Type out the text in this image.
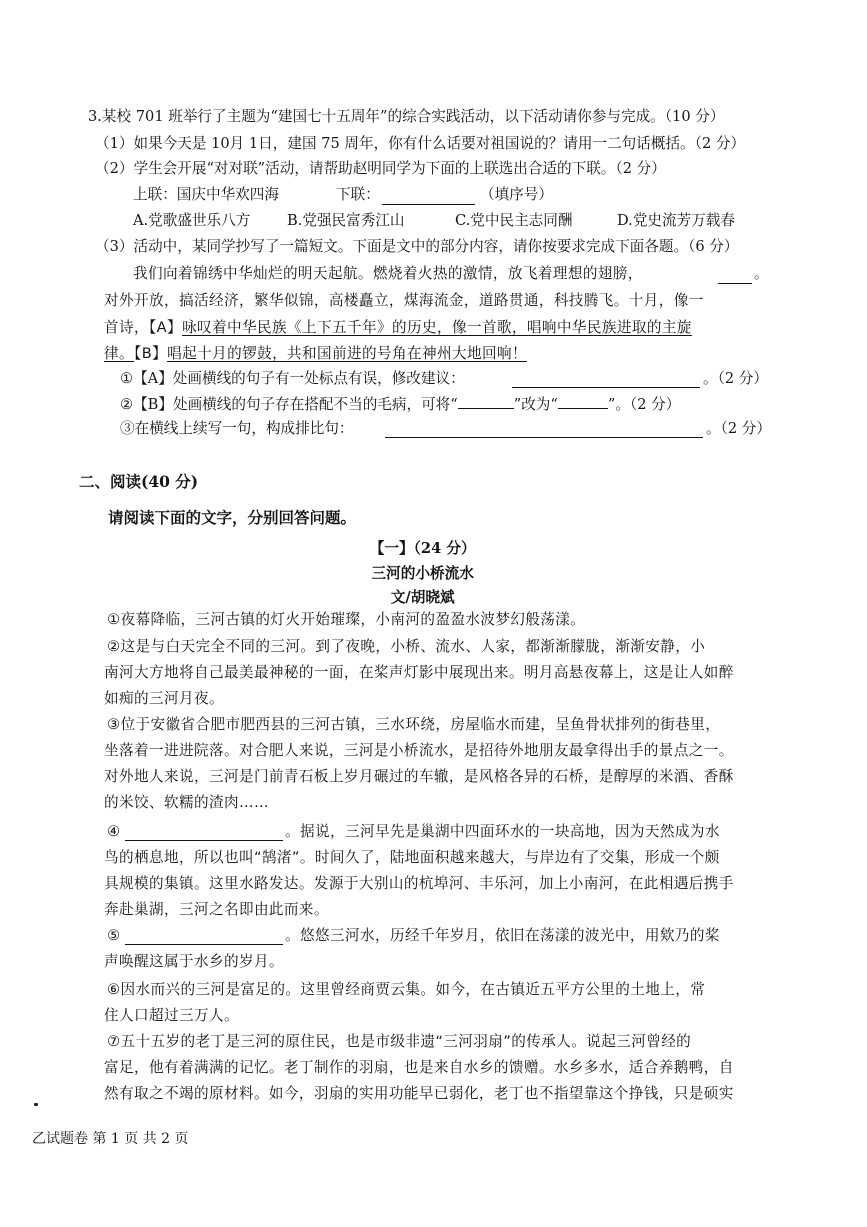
3.某校 701 班举行了主题为“建国七十五周年”的综合实践活动，以下活动请你参与完成。（10 分）
（1）如果今天是 10月 1日，建国 75 周年，你有什么话要对祖国说的？请用一二句话概括。（2 分）
（2）学生会开展“对对联”活动，请帮助赵明同学为下面的上联选出合适的下联。（2 分）
上联：国庆中华欢四海	下联：	（填序号）
A.党歌盛世乐八方	B.党强民富秀江山	C.党中民主志同酬	D.党史流芳万载春
（3）活动中，某同学抄写了一篇短文。下面是文中的部分内容，请你按要求完成下面各题。（6 分）
我们向着锦绣中华灿烂的明天起航。燃烧着火热的激情，放飞着理想的翅膀，	。
对外开放，搞活经济，繁华似锦，高楼矗立，煤海流金，道路贯通，科技腾飞。十月，像一
首诗，【A】咏叹着中华民族《上下五千年》的历史，像一首歌，唱响中华民族进取的主旋
律。【B】唱起十月的锣鼓，共和国前进的号角在神州大地回响！
①【A】处画横线的句子有一处标点有误，修改建议：	。（2 分）
②【B】处画横线的句子存在搭配不当的毛病，可将“	”改为“	”。（2 分）
③在横线上续写一句，构成排比句：	。（2 分）
二、阅读(40 分)
请阅读下面的文字，分别回答问题。
【一】（24 分）
三河的小桥流水
文/胡晓斌
①夜幕降临，三河古镇的灯火开始璀璨，小南河的盈盈水波梦幻般荡漾。
②这是与白天完全不同的三河。到了夜晚，小桥、流水、人家，都渐渐朦胧，渐渐安静，小
南河大方地将自己最美最神秘的一面，在桨声灯影中展现出来。明月高悬夜幕上，这是让人如醉
如痴的三河月夜。
③位于安徽省合肥市肥西县的三河古镇，三水环绕，房屋临水而建，呈鱼骨状排列的街巷里，
坐落着一进进院落。对合肥人来说，三河是小桥流水，是招待外地朋友最拿得出手的景点之一。
对外地人来说，三河是门前青石板上岁月碾过的车辙，是风格各异的石桥，是醇厚的米酒、香酥
的米饺、软糯的渣肉……
④	。据说，三河早先是巢湖中四面环水的一块高地，因为天然成为水
鸟的栖息地，所以也叫“鹄渚”。时间久了，陆地面积越来越大，与岸边有了交集，形成一个颇
具规模的集镇。这里水路发达。发源于大别山的杭埠河、丰乐河，加上小南河，在此相遇后携手
奔赴巢湖，三河之名即由此而来。
⑤	。悠悠三河水，历经千年岁月，依旧在荡漾的波光中，用欸乃的桨
声唤醒这属于水乡的岁月。
⑥因水而兴的三河是富足的。这里曾经商贾云集。如今，在古镇近五平方公里的土地上，常
住人口超过三万人。
⑦五十五岁的老丁是三河的原住民，也是市级非遗“三河羽扇”的传承人。说起三河曾经的
富足，他有着满满的记忆。老丁制作的羽扇，也是来自水乡的馈赠。水乡多水，适合养鹅鸭，自
然有取之不竭的原材料。如今，羽扇的实用功能早已弱化，老丁也不指望靠这个挣钱，只是硕实
乙试题卷 第 1 页 共 2 页
